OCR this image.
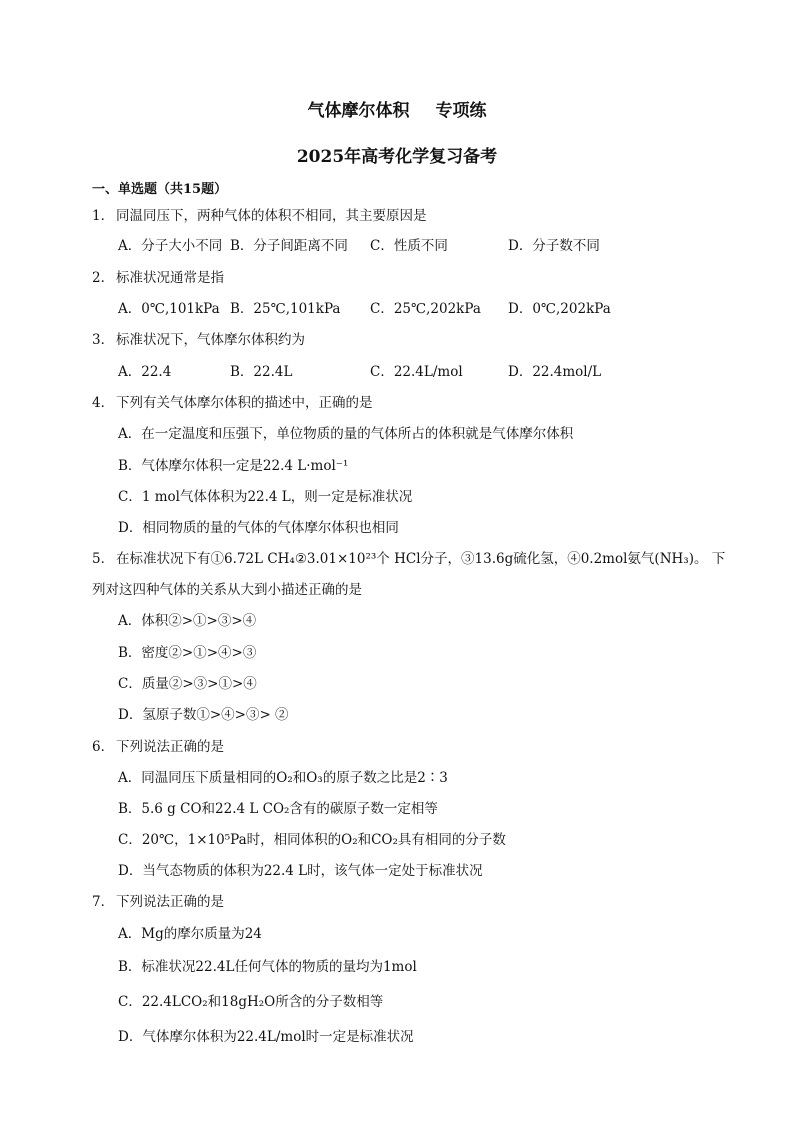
气体摩尔体积 专项练
2025年高考化学复习备考
一、单选题（共15题）
1． 同温同压下，两种气体的体积不相同，其主要原因是
A．分子大小不同 B．分子间距离不同 C．性质不同	D．分子数不同
2． 标准状况通常是指
A．0℃,101kPa B．25℃,101kPa C．25℃,202kPa D．0℃,202kPa
3． 标准状况下，气体摩尔体积约为
A．22.4	B．22.4L	C．22.4L/mol	D．22.4mol/L
4． 下列有关气体摩尔体积的描述中，正确的是
A．在一定温度和压强下，单位物质的量的气体所占的体积就是气体摩尔体积
B．气体摩尔体积一定是22.4 L·mol⁻¹
C．1 mol气体体积为22.4 L，则一定是标准状况
D．相同物质的量的气体的气体摩尔体积也相同
5． 在标准状况下有①6.72L CH₄②3.01×10²³个 HCl分子，③13.6g硫化氢，④0.2mol氨气(NH₃)。 下
列对这四种气体的关系从大到小描述正确的是
A．体积②>①>③>④
B．密度②>①>④>③
C．质量②>③>①>④
D．氢原子数①>④>③> ②
6． 下列说法正确的是
A．同温同压下质量相同的O₂和O₃的原子数之比是2∶3
B．5.6 g CO和22.4 L CO₂含有的碳原子数一定相等
C．20℃，1×10⁵Pa时，相同体积的O₂和CO₂具有相同的分子数
D．当气态物质的体积为22.4 L时，该气体一定处于标准状况
7． 下列说法正确的是
A．Mg的摩尔质量为24
B．标准状况22.4L任何气体的物质的量均为1mol
C．22.4LCO₂和18gH₂O所含的分子数相等
D．气体摩尔体积为22.4L/mol时一定是标准状况
